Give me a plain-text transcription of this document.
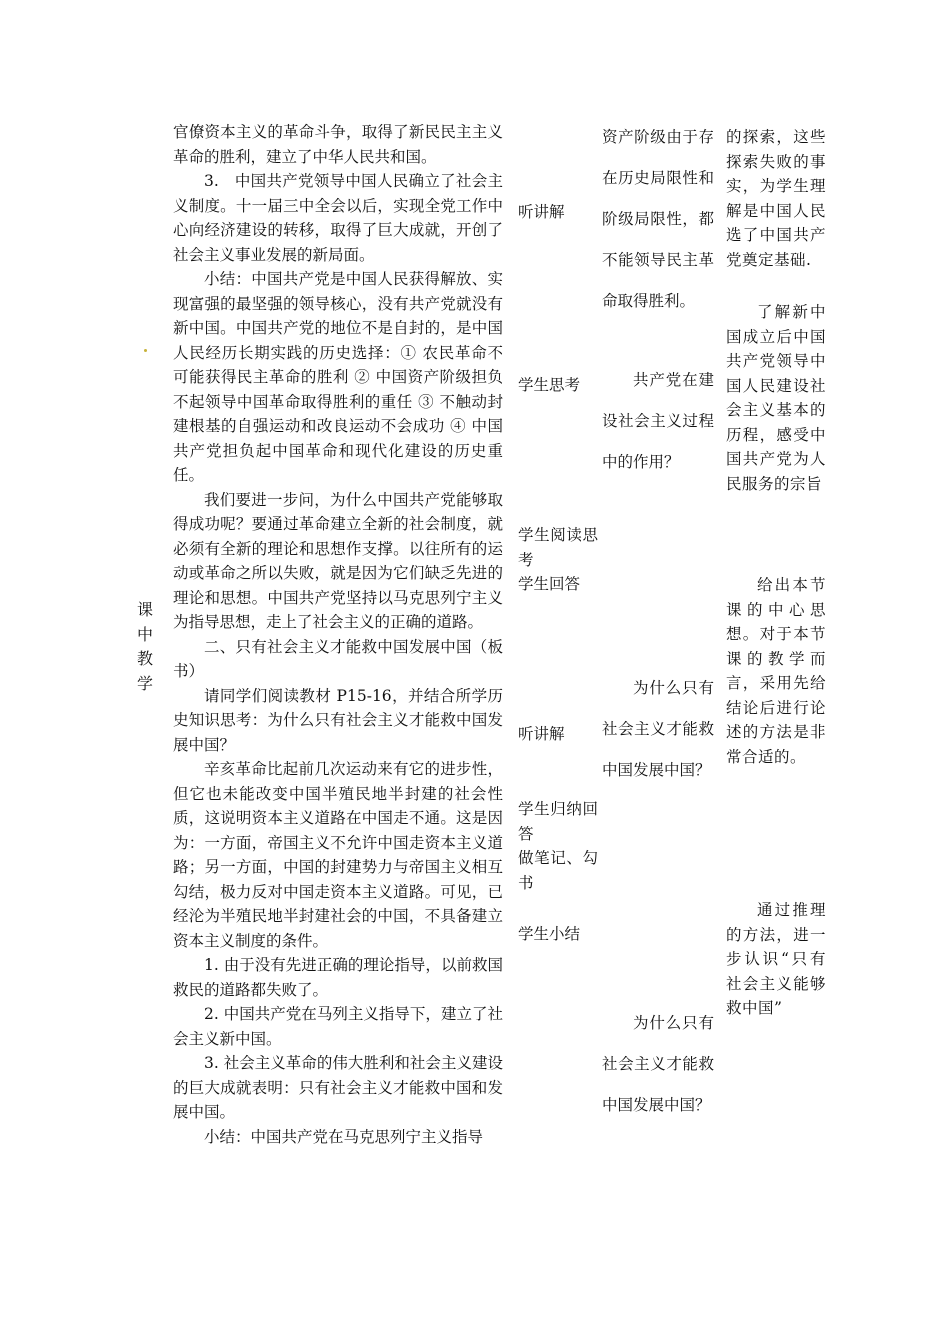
课中教学

官僚资本主义的革命斗争，取得了新民民主主义革命的胜利，建立了中华人民共和国。

3.　中国共产党领导中国人民确立了社会主义制度。十一届三中全会以后，实现全党工作中心向经济建设的转移，取得了巨大成就，开创了社会主义事业发展的新局面。

小结：中国共产党是中国人民获得解放、实现富强的最坚强的领导核心，没有共产党就没有新中国。中国共产党的地位不是自封的，是中国人民经历长期实践的历史选择：① 农民革命不可能获得民主革命的胜利 ② 中国资产阶级担负不起领导中国革命取得胜利的重任 ③ 不触动封建根基的自强运动和改良运动不会成功 ④ 中国共产党担负起中国革命和现代化建设的历史重任。

我们要进一步问，为什么中国共产党能够取得成功呢？要通过革命建立全新的社会制度，就必须有全新的理论和思想作支撑。以往所有的运动或革命之所以失败，就是因为它们缺乏先进的理论和思想。中国共产党坚持以马克思列宁主义为指导思想，走上了社会主义的正确的道路。

二、只有社会主义才能救中国发展中国（板书）

请同学们阅读教材 P15-16，并结合所学历史知识思考：为什么只有社会主义才能救中国发展中国？

辛亥革命比起前几次运动来有它的进步性，但它也未能改变中国半殖民地半封建的社会性质，这说明资本主义道路在中国走不通。这是因为：一方面，帝国主义不允许中国走资本主义道路；另一方面，中国的封建势力与帝国主义相互勾结，极力反对中国走资本主义道路。可见，已经沦为半殖民地半封建社会的中国，不具备建立资本主义制度的条件。

1. 由于没有先进正确的理论指导，以前救国救民的道路都失败了。

2. 中国共产党在马列主义指导下，建立了社会主义新中国。

3. 社会主义革命的伟大胜利和社会主义建设的巨大成就表明：只有社会主义才能救中国和发展中国。

小结：中国共产党在马克思列宁主义指导

听讲解
学生思考
学生阅读思考
学生回答
听讲解
学生归纳回答
做笔记、勾书
学生小结

资产阶级由于存在历史局限性和阶级局限性，都不能领导民主革命取得胜利。

共产党在建设社会主义过程中的作用？

为什么只有社会主义才能救中国发展中国？

为什么只有社会主义才能救中国发展中国？

的探索，这些探索失败的事实，为学生理解是中国人民选了中国共产党奠定基础.

了解新中国成立后中国共产党领导中国人民建设社会主义基本的历程，感受中国共产党为人民服务的宗旨

给出本节课的中心思想。对于本节课的教学而言，采用先给结论后进行论述的方法是非常合适的。

通过推理的方法，进一步认识“只有社会主义能够救中国”
